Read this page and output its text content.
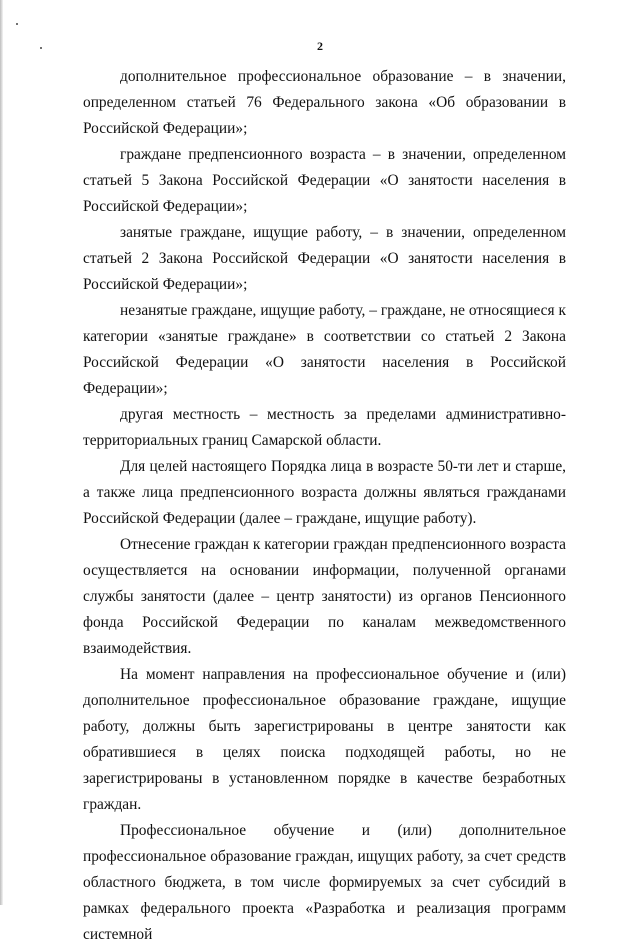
2

дополнительное профессиональное образование – в значении, определенном статьей 76 Федерального закона «Об образовании в Российской Федерации»;

граждане предпенсионного возраста – в значении, определенном статьей 5 Закона Российской Федерации «О занятости населения в Российской Федерации»;

занятые граждане, ищущие работу, – в значении, определенном статьей 2 Закона Российской Федерации «О занятости населения в Российской Федерации»;

незанятые граждане, ищущие работу, – граждане, не относящиеся к категории «занятые граждане» в соответствии со статьей 2 Закона Российской Федерации «О занятости населения в Российской Федерации»;

другая местность – местность за пределами административно-территориальных границ Самарской области.

Для целей настоящего Порядка лица в возрасте 50-ти лет и старше, а также лица предпенсионного возраста должны являться гражданами Российской Федерации (далее – граждане, ищущие работу).

Отнесение граждан к категории граждан предпенсионного возраста осуществляется на основании информации, полученной органами службы занятости (далее – центр занятости) из органов Пенсионного фонда Российской Федерации по каналам межведомственного взаимодействия.

На момент направления на профессиональное обучение и (или) дополнительное профессиональное образование граждане, ищущие работу, должны быть зарегистрированы в центре занятости как обратившиеся в целях поиска подходящей работы, но не зарегистрированы в установленном порядке в качестве безработных граждан.

Профессиональное обучение и (или) дополнительное профессиональное образование граждан, ищущих работу, за счет средств областного бюджета, в том числе формируемых за счет субсидий в рамках федерального проекта «Разработка и реализация программ системной
